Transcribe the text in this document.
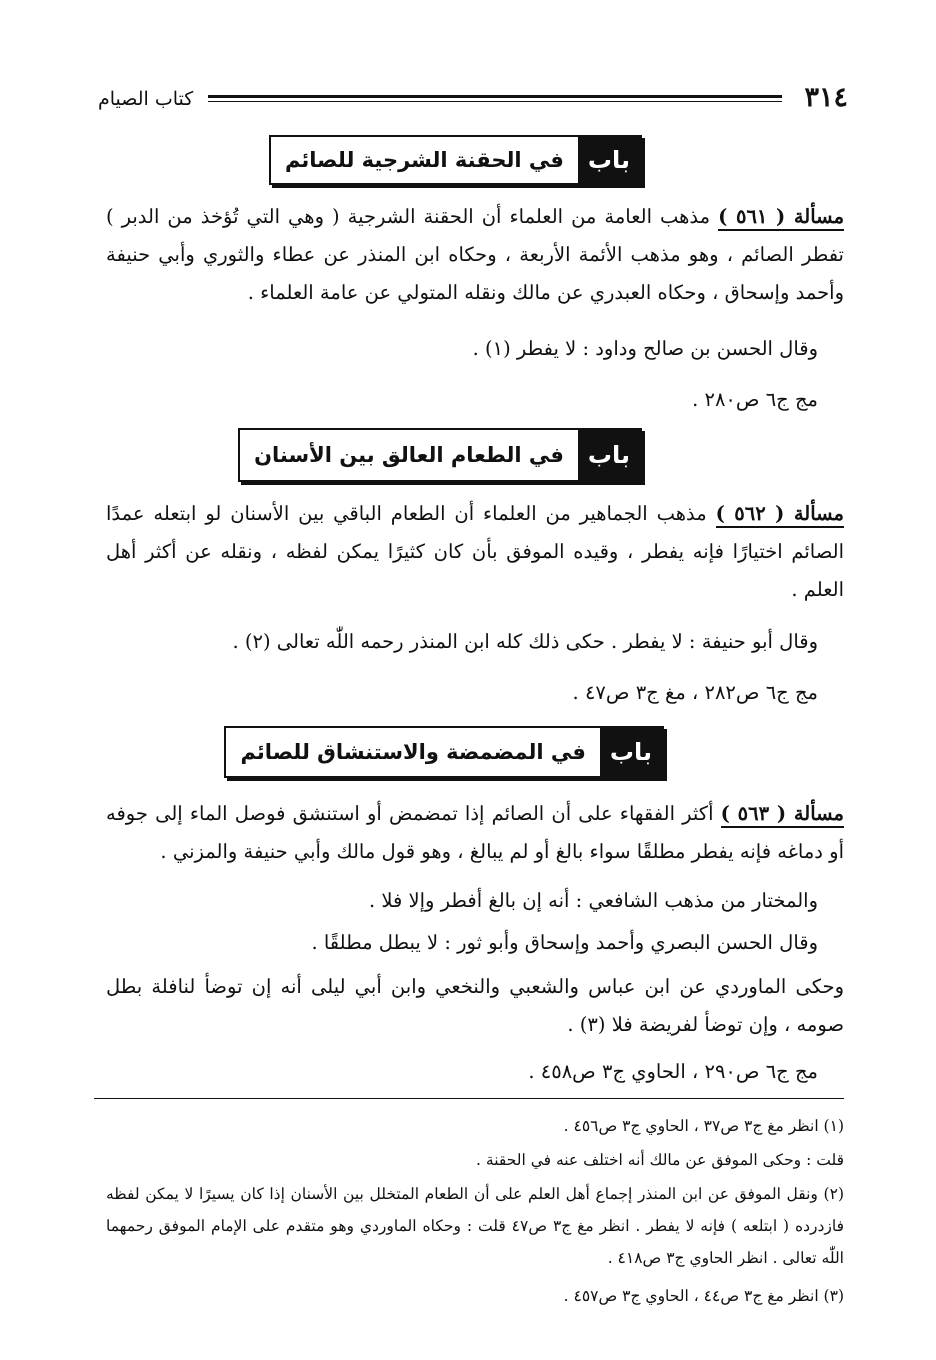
٣١٤
كتاب الصيام
باب
في الحقنة الشرجية للصائم
مسألة ( ٥٦١ ) مذهب العامة من العلماء أن الحقنة الشرجية ( وهي التي تُؤخذ من الدبر ) تفطر الصائم ، وهو مذهب الأئمة الأربعة ، وحكاه ابن المنذر عن عطاء والثوري وأبي حنيفة وأحمد وإسحاق ، وحكاه العبدري عن مالك ونقله المتولي عن عامة العلماء .
وقال الحسن بن صالح وداود : لا يفطر (١) .
مج ج٦ ص٢٨٠ .
باب
في الطعام العالق بين الأسنان
مسألة ( ٥٦٢ ) مذهب الجماهير من العلماء أن الطعام الباقي بين الأسنان لو ابتعله عمدًا الصائم اختيارًا فإنه يفطر ، وقيده الموفق بأن كان كثيرًا يمكن لفظه ، ونقله عن أكثر أهل العلم .
وقال أبو حنيفة : لا يفطر . حكى ذلك كله ابن المنذر رحمه اللّٰه تعالى (٢) .
مج ج٦ ص٢٨٢ ، مغ ج٣ ص٤٧ .
باب
في المضمضة والاستنشاق للصائم
مسألة ( ٥٦٣ ) أكثر الفقهاء على أن الصائم إذا تمضمض أو استنشق فوصل الماء إلى جوفه أو دماغه فإنه يفطر مطلقًا سواء بالغ أو لم يبالغ ، وهو قول مالك وأبي حنيفة والمزني .
والمختار من مذهب الشافعي : أنه إن بالغ أفطر وإلا فلا .
وقال الحسن البصري وأحمد وإسحاق وأبو ثور : لا يبطل مطلقًا .
وحكى الماوردي عن ابن عباس والشعبي والنخعي وابن أبي ليلى أنه إن توضأ لنافلة بطل صومه ، وإن توضأ لفريضة فلا (٣) .
مج ج٦ ص٢٩٠ ، الحاوي ج٣ ص٤٥٨ .
(١) انظر مغ ج٣ ص٣٧ ، الحاوي ج٣ ص٤٥٦ .
قلت : وحكى الموفق عن مالك أنه اختلف عنه في الحقنة .
(٢) ونقل الموفق عن ابن المنذر إجماع أهل العلم على أن الطعام المتخلل بين الأسنان إذا كان يسيرًا لا يمكن لفظه فازدرده ( ابتلعه ) فإنه لا يفطر . انظر مغ ج٣ ص٤٧ قلت : وحكاه الماوردي وهو متقدم على الإمام الموفق رحمهما اللّٰه تعالى . انظر الحاوي ج٣ ص٤١٨ .
(٣) انظر مغ ج٣ ص٤٤ ، الحاوي ج٣ ص٤٥٧ .
